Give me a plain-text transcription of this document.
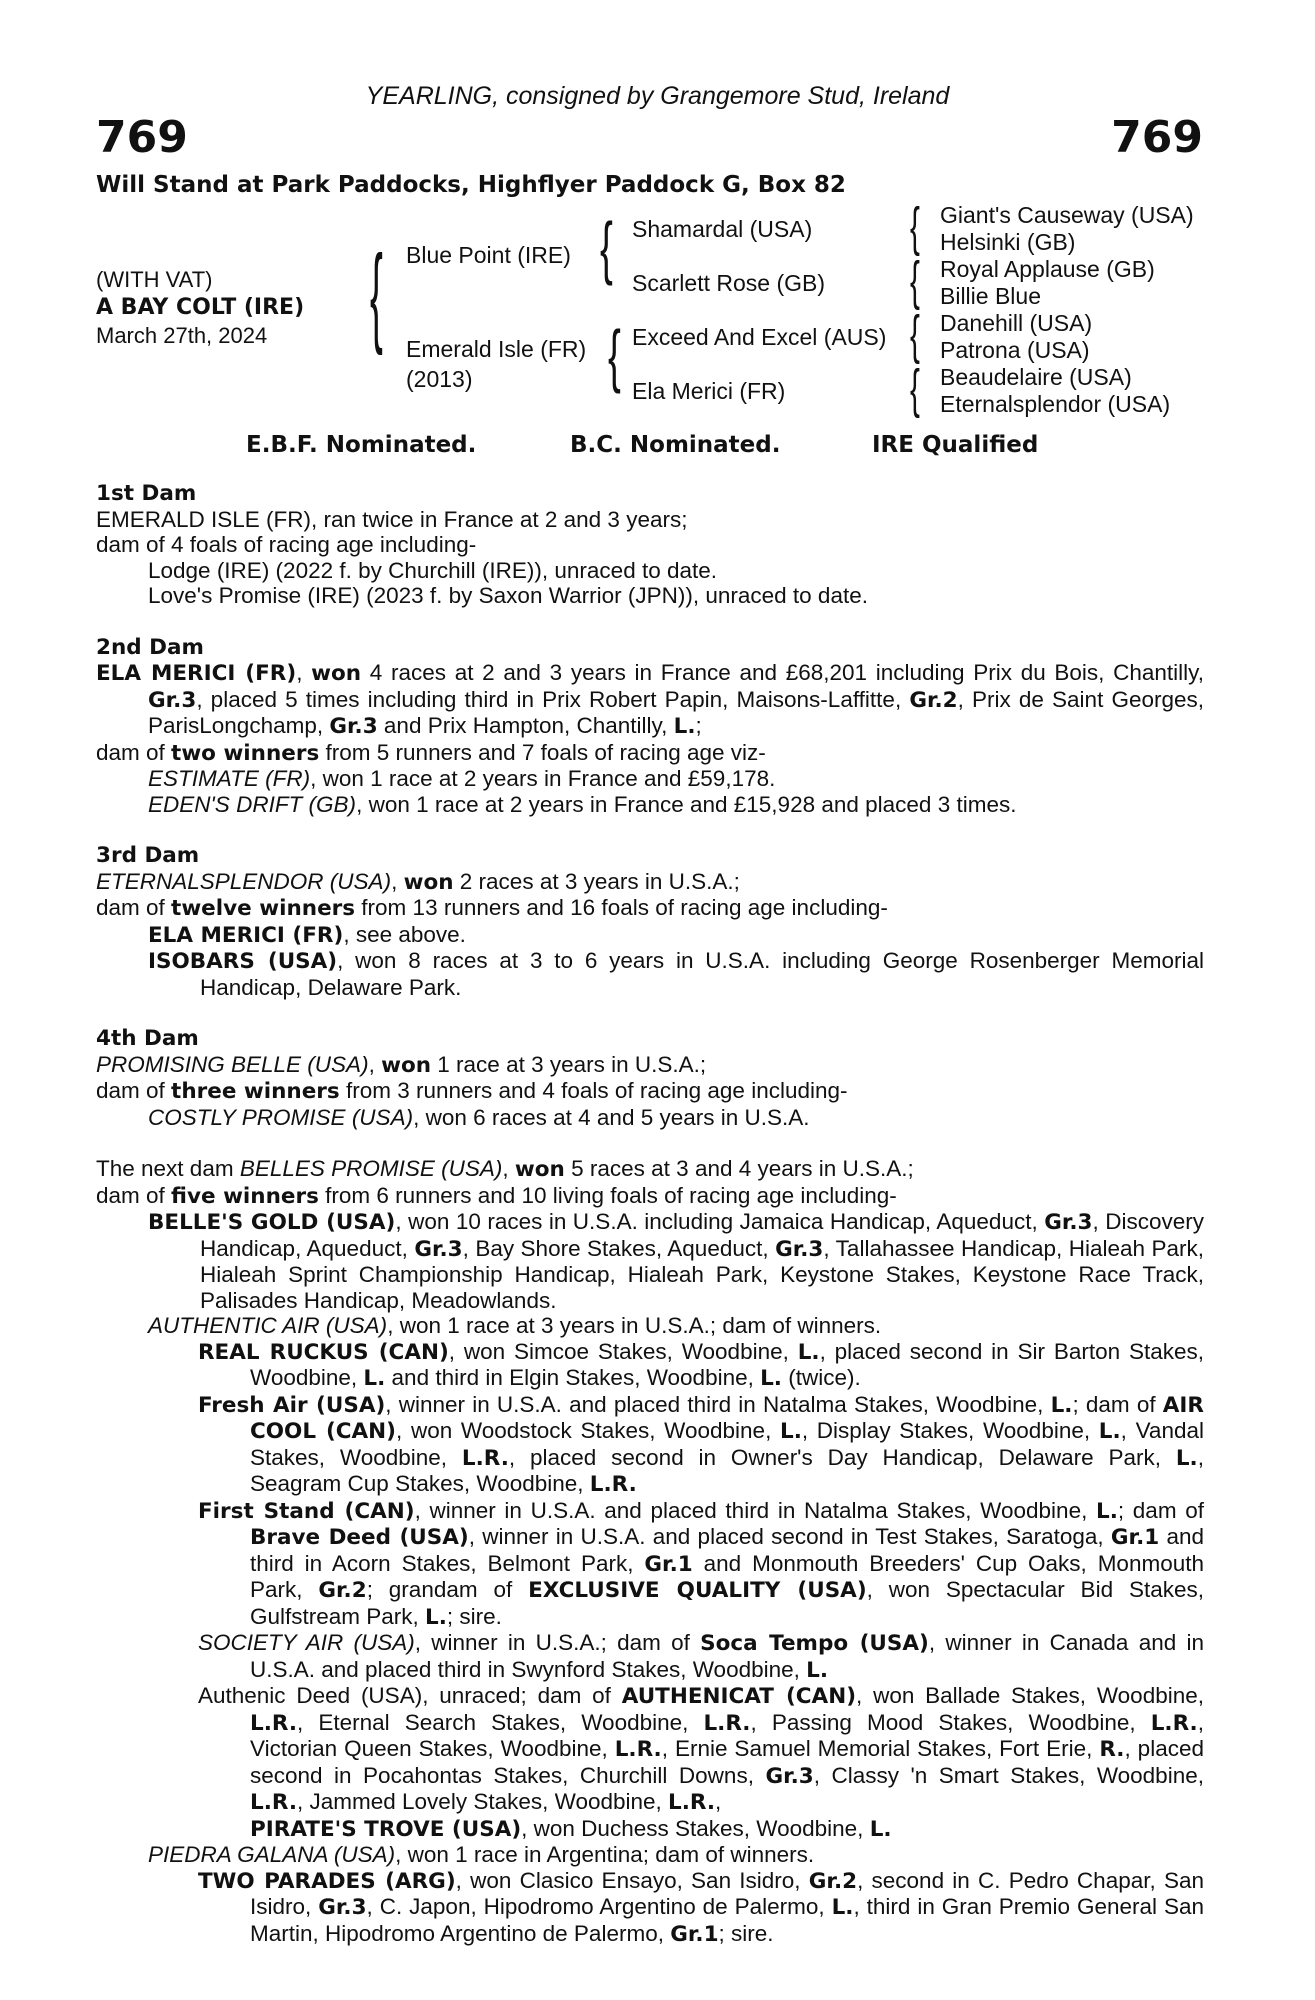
YEARLING, consigned by Grangemore Stud, Ireland
769	769
Will Stand at Park Paddocks, Highflyer Paddock G, Box 82
(WITH VAT)
A BAY COLT (IRE)
March 27th, 2024 { Blue Point (IRE)
Emerald Isle (FR)
(2013)
{
{
Shamardal (USA)
Scarlett Rose (GB)
Exceed And Excel (AUS)
Ela Merici (FR)
{
{
{
{
Giant's Causeway (USA)
Helsinki (GB)
Royal Applause (GB)
Billie Blue
Danehill (USA)
Patrona (USA)
Beaudelaire (USA)
Eternalsplendor (USA)
E.B.F. Nominated.	B.C. Nominated.	IRE Qualified

1st Dam

EMERALD ISLE (FR), ran twice in France at 2 and 3 years;

dam of 4 foals of racing age including-

Lodge (IRE) (2022 f. by Churchill (IRE)), unraced to date.

Love's Promise (IRE) (2023 f. by Saxon Warrior (JPN)), unraced to date.

2nd Dam

ELA MERICI (FR), won 4 races at 2 and 3 years in France and £68,201 including Prix du Bois, Chantilly, Gr.3, placed 5 times including third in Prix Robert Papin, Maisons-Laffitte, Gr.2, Prix de Saint Georges, ParisLongchamp, Gr.3 and Prix Hampton, Chantilly, L.;

dam of two winners from 5 runners and 7 foals of racing age viz-

ESTIMATE (FR), won 1 race at 2 years in France and £59,178.

EDEN'S DRIFT (GB), won 1 race at 2 years in France and £15,928 and placed 3 times.

3rd Dam

ETERNALSPLENDOR (USA), won 2 races at 3 years in U.S.A.;

dam of twelve winners from 13 runners and 16 foals of racing age including-

ELA MERICI (FR), see above.

ISOBARS (USA), won 8 races at 3 to 6 years in U.S.A. including George Rosenberger Memorial Handicap, Delaware Park.

4th Dam

PROMISING BELLE (USA), won 1 race at 3 years in U.S.A.;

dam of three winners from 3 runners and 4 foals of racing age including-

COSTLY PROMISE (USA), won 6 races at 4 and 5 years in U.S.A.

The next dam BELLES PROMISE (USA), won 5 races at 3 and 4 years in U.S.A.;

dam of five winners from 6 runners and 10 living foals of racing age including-

BELLE'S GOLD (USA), won 10 races in U.S.A. including Jamaica Handicap, Aqueduct, Gr.3, Discovery Handicap, Aqueduct, Gr.3, Bay Shore Stakes, Aqueduct, Gr.3, Tallahassee Handicap, Hialeah Park, Hialeah Sprint Championship Handicap, Hialeah Park, Keystone Stakes, Keystone Race Track, Palisades Handicap, Meadowlands.

AUTHENTIC AIR (USA), won 1 race at 3 years in U.S.A.; dam of winners.

REAL RUCKUS (CAN), won Simcoe Stakes, Woodbine, L., placed second in Sir Barton Stakes, Woodbine, L. and third in Elgin Stakes, Woodbine, L. (twice).

Fresh Air (USA), winner in U.S.A. and placed third in Natalma Stakes, Woodbine, L.; dam of AIR COOL (CAN), won Woodstock Stakes, Woodbine, L., Display Stakes, Woodbine, L., Vandal Stakes, Woodbine, L.R., placed second in Owner's Day Handicap, Delaware Park, L., Seagram Cup Stakes, Woodbine, L.R.

First Stand (CAN), winner in U.S.A. and placed third in Natalma Stakes, Woodbine, L.; dam of Brave Deed (USA), winner in U.S.A. and placed second in Test Stakes, Saratoga, Gr.1 and third in Acorn Stakes, Belmont Park, Gr.1 and Monmouth Breeders' Cup Oaks, Monmouth Park, Gr.2; grandam of EXCLUSIVE QUALITY (USA), won Spectacular Bid Stakes, Gulfstream Park, L.; sire.

SOCIETY AIR (USA), winner in U.S.A.; dam of Soca Tempo (USA), winner in Canada and in U.S.A. and placed third in Swynford Stakes, Woodbine, L.

Authenic Deed (USA), unraced; dam of AUTHENICAT (CAN), won Ballade Stakes, Woodbine, L.R., Eternal Search Stakes, Woodbine, L.R., Passing Mood Stakes, Woodbine, L.R., Victorian Queen Stakes, Woodbine, L.R., Ernie Samuel Memorial Stakes, Fort Erie, R., placed second in Pocahontas Stakes, Churchill Downs, Gr.3, Classy 'n Smart Stakes, Woodbine, L.R., Jammed Lovely Stakes, Woodbine, L.R.,
PIRATE'S TROVE (USA), won Duchess Stakes, Woodbine, L.

PIEDRA GALANA (USA), won 1 race in Argentina; dam of winners.

TWO PARADES (ARG), won Clasico Ensayo, San Isidro, Gr.2, second in C. Pedro Chapar, San Isidro, Gr.3, C. Japon, Hipodromo Argentino de Palermo, L., third in Gran Premio General San Martin, Hipodromo Argentino de Palermo, Gr.1; sire.
